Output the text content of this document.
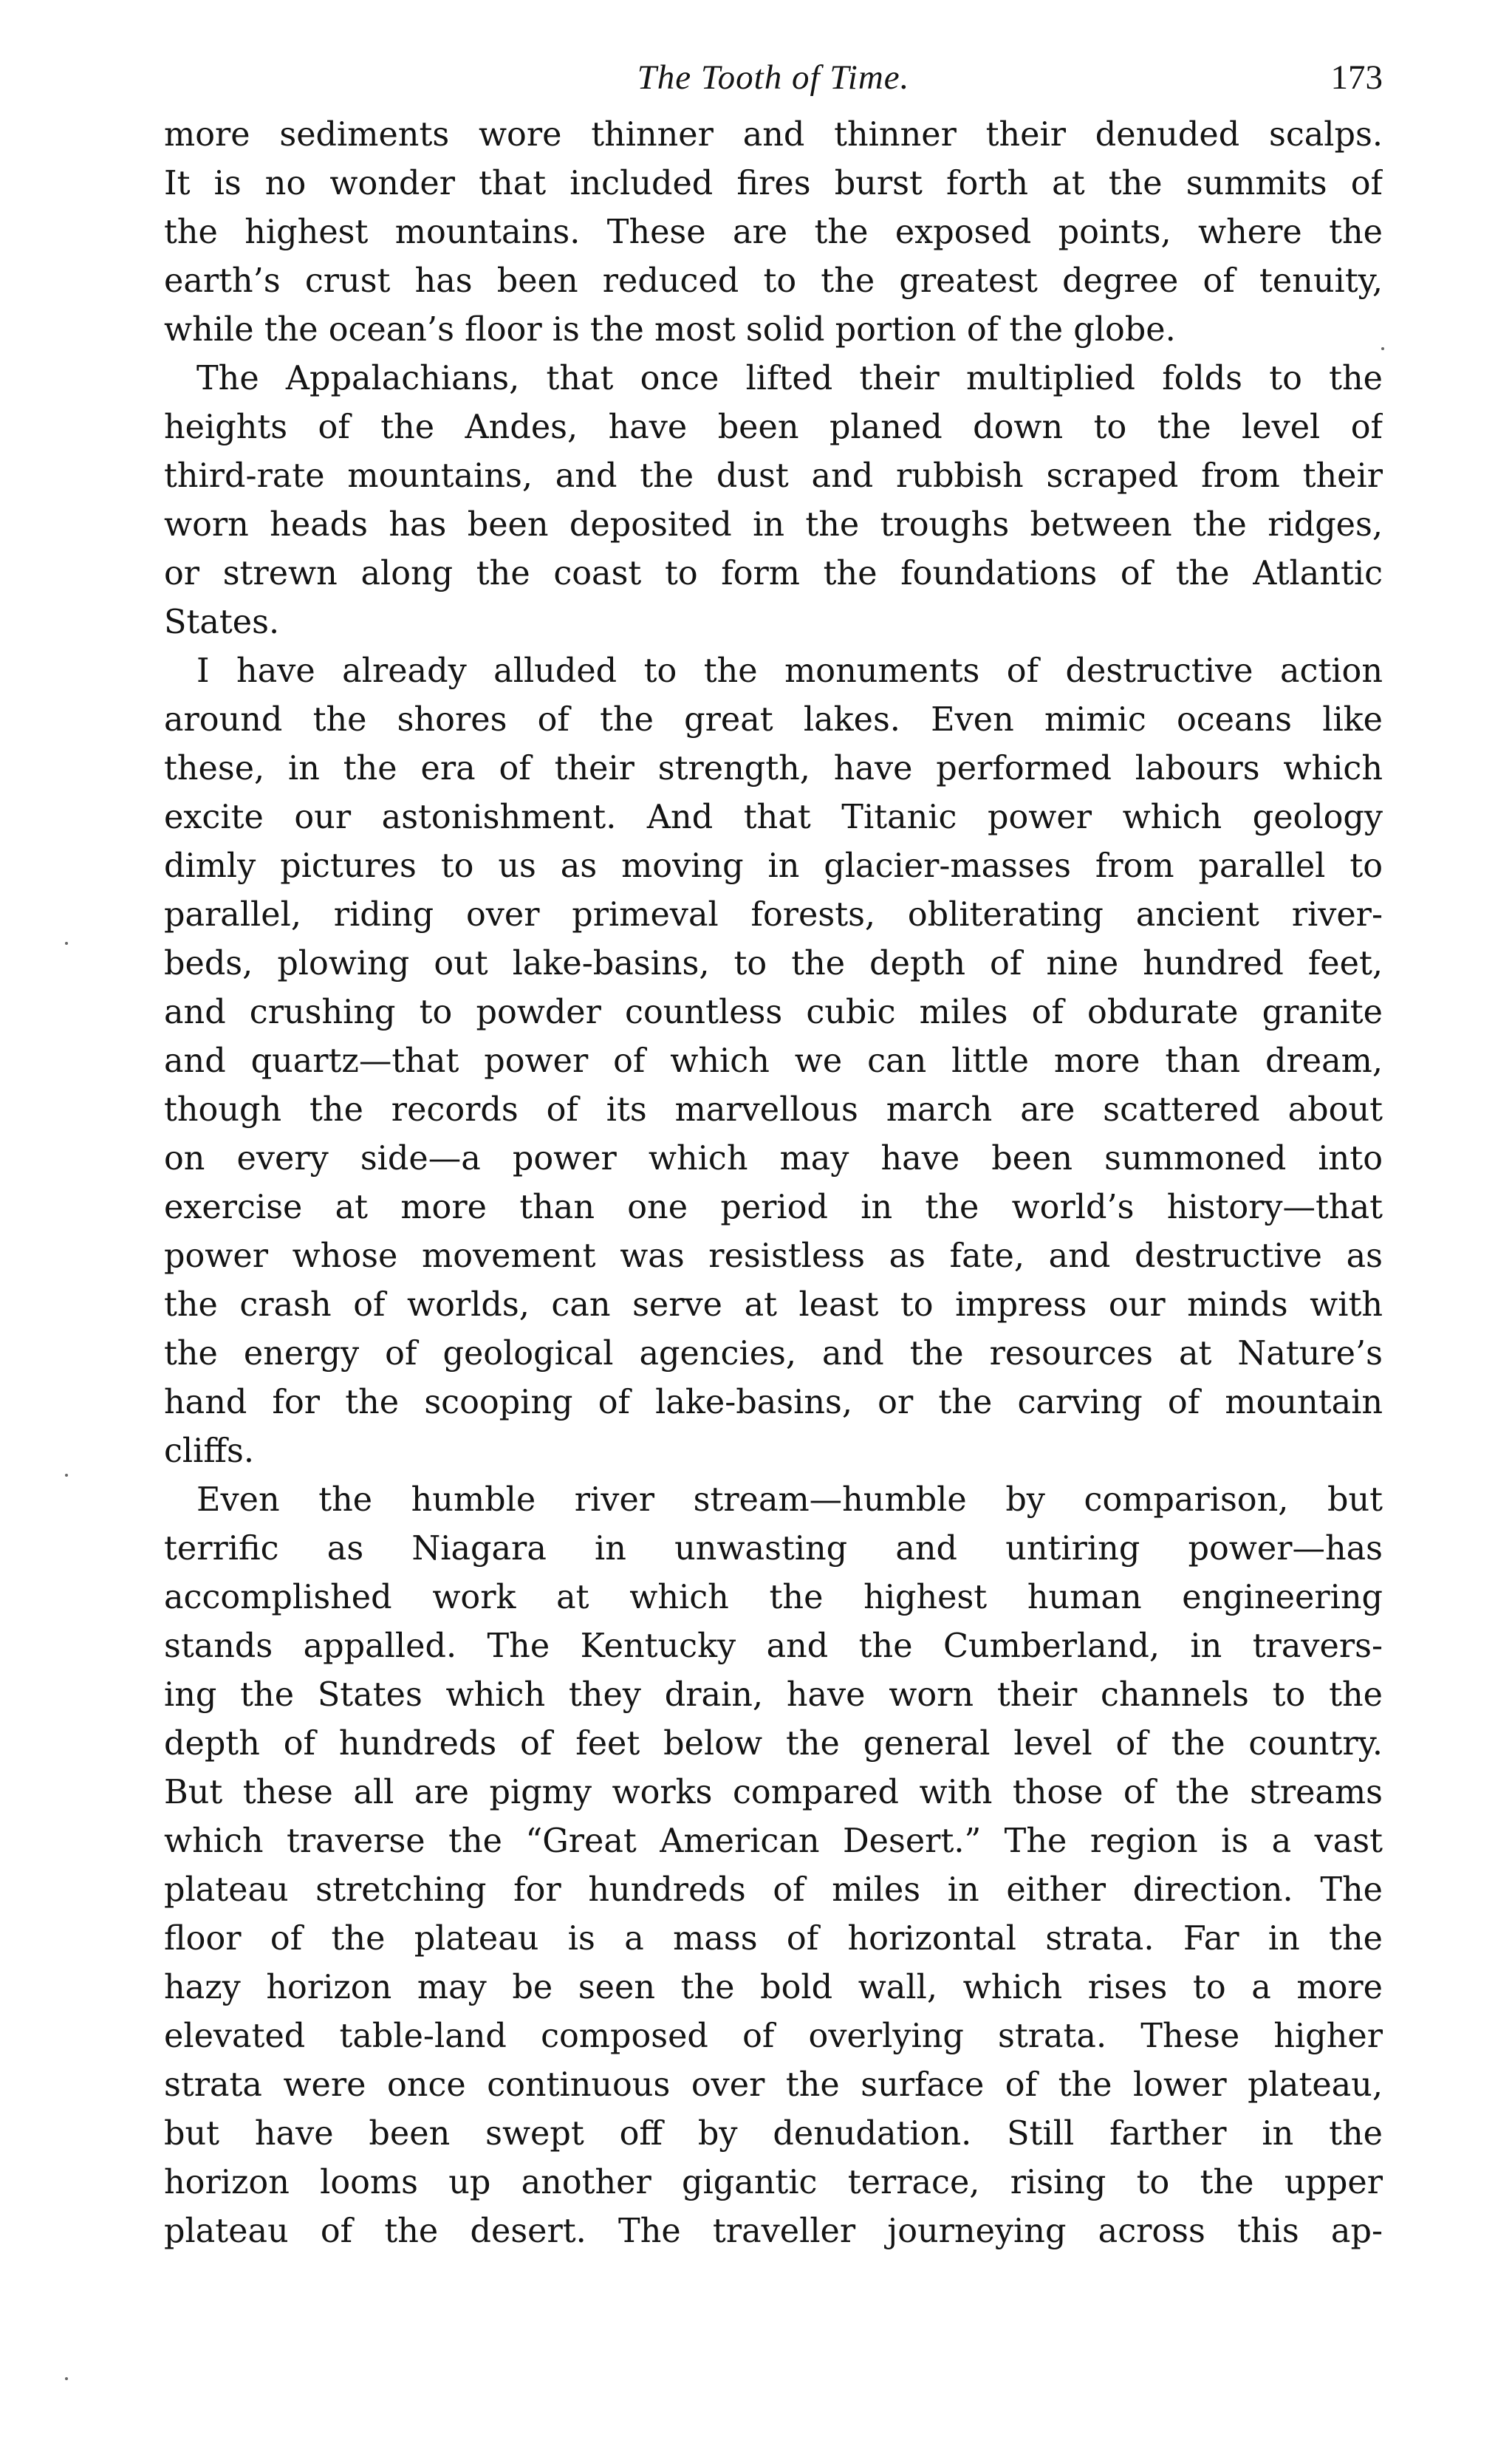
The Tooth of Time.	173

more sediments wore thinner and thinner their denuded scalps.
It is no wonder that included fires burst forth at the summits of
the highest mountains. These are the exposed points, where the
earth’s crust has been reduced to the greatest degree of tenuity,
while the ocean’s floor is the most solid portion of the globe.

The Appalachians, that once lifted their multiplied folds to the
heights of the Andes, have been planed down to the level of
third-rate mountains, and the dust and rubbish scraped from their
worn heads has been deposited in the troughs between the ridges,
or strewn along the coast to form the foundations of the Atlantic
States.

I have already alluded to the monuments of destructive action
around the shores of the great lakes. Even mimic oceans like
these, in the era of their strength, have performed labours which
excite our astonishment. And that Titanic power which geology
dimly pictures to us as moving in glacier-masses from parallel to
parallel, riding over primeval forests, obliterating ancient river-
beds, plowing out lake-basins, to the depth of nine hundred feet,
and crushing to powder countless cubic miles of obdurate granite
and quartz—that power of which we can little more than dream,
though the records of its marvellous march are scattered about
on every side—a power which may have been summoned into
exercise at more than one period in the world’s history—that
power whose movement was resistless as fate, and destructive as
the crash of worlds, can serve at least to impress our minds with
the energy of geological agencies, and the resources at Nature’s
hand for the scooping of lake-basins, or the carving of mountain
cliffs.

Even the humble river stream—humble by comparison, but
terrific as Niagara in unwasting and untiring power—has
accomplished work at which the highest human engineering
stands appalled. The Kentucky and the Cumberland, in travers-
ing the States which they drain, have worn their channels to the
depth of hundreds of feet below the general level of the country.
But these all are pigmy works compared with those of the streams
which traverse the “Great American Desert.” The region is a vast
plateau stretching for hundreds of miles in either direction. The
floor of the plateau is a mass of horizontal strata. Far in the
hazy horizon may be seen the bold wall, which rises to a more
elevated table-land composed of overlying strata. These higher
strata were once continuous over the surface of the lower plateau,
but have been swept off by denudation. Still farther in the
horizon looms up another gigantic terrace, rising to the upper
plateau of the desert. The traveller journeying across this ap-
